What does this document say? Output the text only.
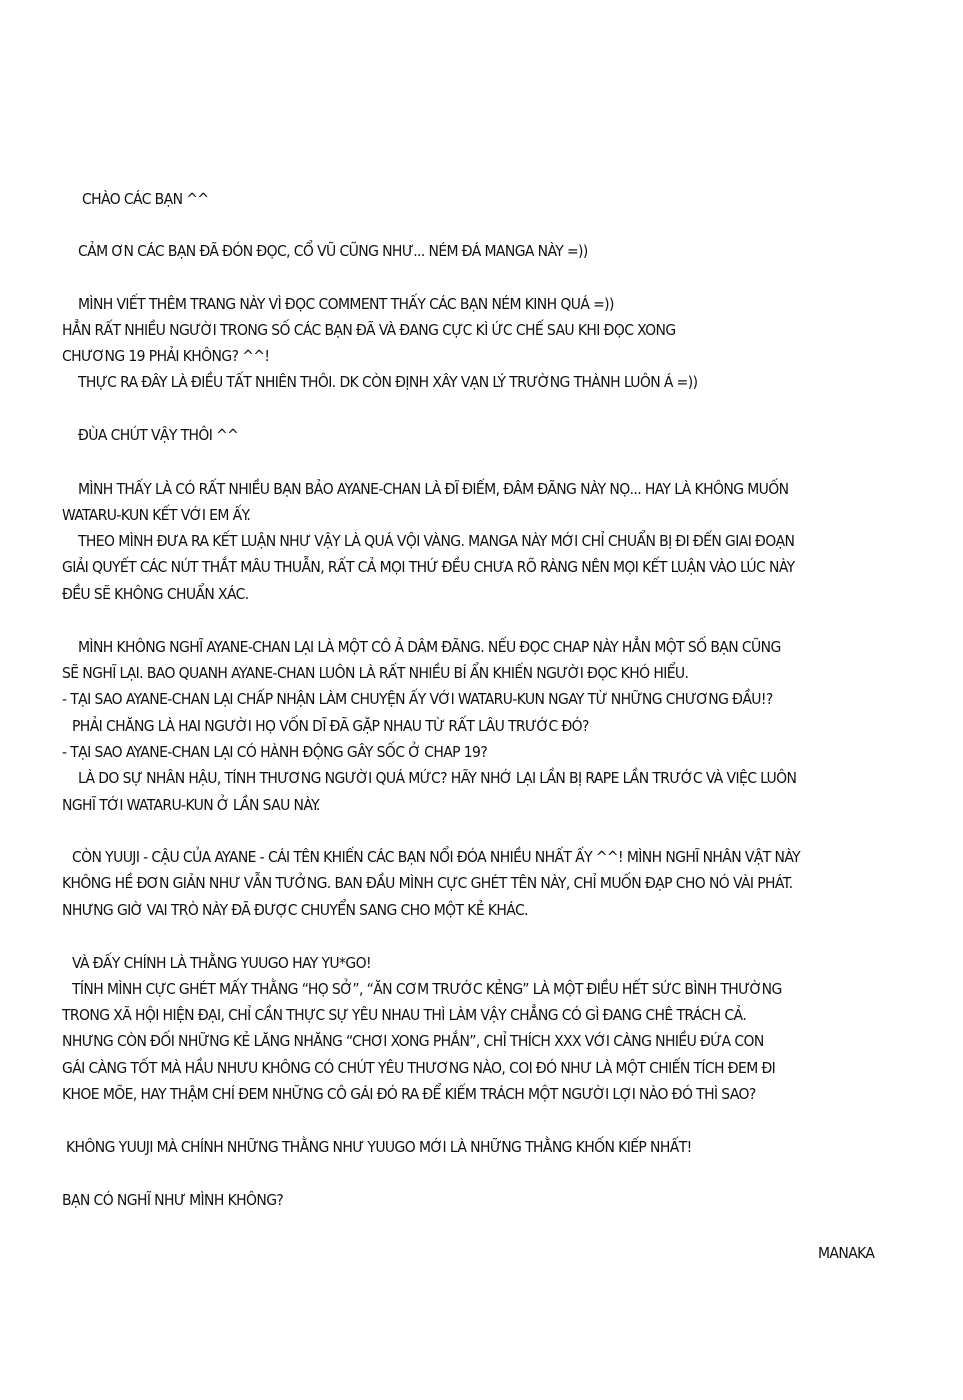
CHÀO CÁC BẠN ^^
CẢM ƠN CÁC BẠN ĐÃ ĐÓN ĐỌC, CỔ VŨ CŨNG NHƯ... NÉM ĐÁ MANGA NÀY =))
MÌNH VIẾT THÊM TRANG NÀY VÌ ĐỌC COMMENT THẤY CÁC BẠN NÉM KINH QUÁ =))
HẲN RẤT NHIỀU NGƯỜI TRONG SỐ CÁC BẠN ĐÃ VÀ ĐANG CỰC KÌ ỨC CHẾ SAU KHI ĐỌC XONG
CHƯƠNG 19 PHẢI KHÔNG? ^^!
THỰC RA ĐÂY LÀ ĐIỀU TẤT NHIÊN THÔI. DK CÒN ĐỊNH XÂY VẠN LÝ TRƯỜNG THÀNH LUÔN Á =))
ĐÙA CHÚT VẬY THÔI ^^
MÌNH THẤY LÀ CÓ RẤT NHIỀU BẠN BẢO AYANE-CHAN LÀ ĐĨ ĐIẾM, ĐÂM ĐÃNG NÀY NỌ... HAY LÀ KHÔNG MUỐN
WATARU-KUN KẾT VỚI EM ẤY.
THEO MÌNH ĐƯA RA KẾT LUẬN NHƯ VẬY LÀ QUÁ VỘI VÀNG. MANGA NÀY MỚI CHỈ CHUẨN BỊ ĐI ĐẾN GIAI ĐOẠN
GIẢI QUYẾT CÁC NÚT THẮT MÂU THUẪN, RẤT CẢ MỌI THỨ ĐỀU CHƯA RÕ RÀNG NÊN MỌI KẾT LUẬN VÀO LÚC NÀY
ĐỀU SẼ KHÔNG CHUẨN XÁC.
MÌNH KHÔNG NGHĨ AYANE-CHAN LẠI LÀ MỘT CÔ Ả DÂM ĐÃNG. NẾU ĐỌC CHAP NÀY HẲN MỘT SỐ BẠN CŨNG
SẼ NGHĨ LẠI. BAO QUANH AYANE-CHAN LUÔN LÀ RẤT NHIỀU BÍ ẨN KHIẾN NGƯỜI ĐỌC KHÓ HIỂU.
- TẠI SAO AYANE-CHAN LẠI CHẤP NHẬN LÀM CHUYỆN ẤY VỚI WATARU-KUN NGAY TỪ NHỮNG CHƯƠNG ĐẦU!?
PHẢI CHĂNG LÀ HAI NGƯỜI HỌ VỐN DĨ ĐÃ GẶP NHAU TỪ RẤT LÂU TRƯỚC ĐÓ?
- TẠI SAO AYANE-CHAN LẠI CÓ HÀNH ĐỘNG GÂY SỐC Ở CHAP 19?
LÀ DO SỰ NHÂN HẬU, TÍNH THƯƠNG NGƯỜI QUÁ MỨC? HÃY NHỚ LẠI LẦN BỊ RAPE LẦN TRƯỚC VÀ VIỆC LUÔN
NGHĨ TỚI WATARU-KUN Ở LẦN SAU NÀY.
CÒN YUUJI - CẬU CỦA AYANE - CÁI TÊN KHIẾN CÁC BẠN NỔI ĐÓA NHIỀU NHẤT ẤY ^^! MÌNH NGHĨ NHÂN VẬT NÀY
KHÔNG HỀ ĐƠN GIẢN NHƯ VẪN TƯỞNG. BAN ĐẦU MÌNH CỰC GHÉT TÊN NÀY, CHỈ MUỐN ĐẠP CHO NÓ VÀI PHÁT.
NHƯNG GIỜ VAI TRÒ NÀY ĐÃ ĐƯỢC CHUYỂN SANG CHO MỘT KẺ KHÁC.
VÀ ĐẤY CHÍNH LÀ THẰNG YUUGO HAY YU*GO!
TÍNH MÌNH CỰC GHÉT MẤY THẰNG “HỌ SỞ”, “ĂN CƠM TRƯỚC KẺNG” LÀ MỘT ĐIỀU HẾT SỨC BÌNH THƯỜNG
TRONG XÃ HỘI HIỆN ĐẠI, CHỈ CẦN THỰC SỰ YÊU NHAU THÌ LÀM VẬY CHẲNG CÓ GÌ ĐANG CHÊ TRÁCH CẢ.
NHƯNG CÒN ĐỐI NHỮNG KẺ LĂNG NHĂNG “CHƠI XONG PHẮN”, CHỈ THÍCH XXX VỚI CÀNG NHIỀU ĐỨA CON
GÁI CÀNG TỐT MÀ HẦU NHƯU KHÔNG CÓ CHÚT YÊU THƯƠNG NÀO, COI ĐÓ NHƯ LÀ MỘT CHIẾN TÍCH ĐEM ĐI
KHOE MÕE, HAY THẬM CHÍ ĐEM NHỮNG CÔ GÁI ĐÓ RA ĐỂ KIẾM TRÁCH MỘT NGƯỜI LỢI NÀO ĐÓ THÌ SAO?
KHÔNG YUUJI MÀ CHÍNH NHỮNG THẰNG NHƯ YUUGO MỚI LÀ NHỮNG THẰNG KHỐN KIẾP NHẤT!
BẠN CÓ NGHĨ NHƯ MÌNH KHÔNG?
MANAKA
